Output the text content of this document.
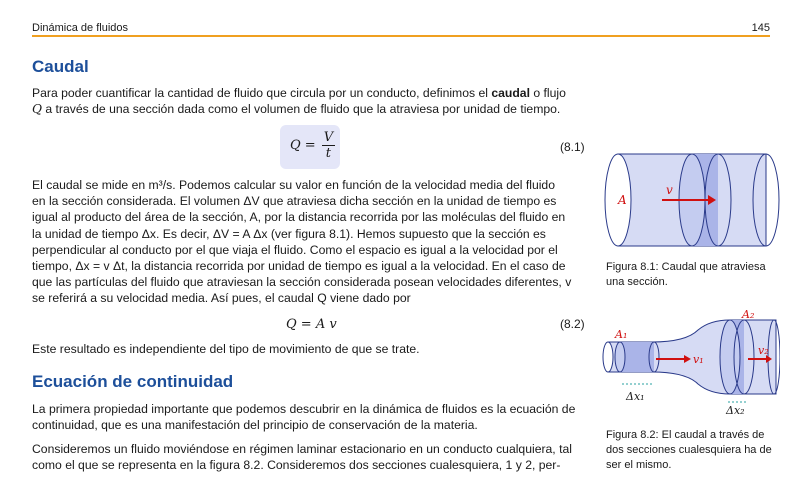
Dinámica de fluidos	145
Caudal

Para poder cuantificar la cantidad de fluido que circula por un conducto, definimos el caudal o flujo
Q a través de una sección dada como el volumen de fluido que la atraviesa por unidad de tiempo.

$Q = \frac{V}{t}$	(8.1)

El caudal se mide en m³/s. Podemos calcular su valor en función de la velocidad media del fluido
en la sección considerada. El volumen ΔV que atraviesa dicha sección en la unidad de tiempo es
igual al producto del área de la sección, A, por la distancia recorrida por las moléculas del fluido en
la unidad de tiempo Δx. Es decir, ΔV = A Δx (ver figura 8.1). Hemos supuesto que la sección es
perpendicular al conducto por el que viaja el fluido. Como el espacio es igual a la velocidad por el
tiempo, Δx = v Δt, la distancia recorrida por unidad de tiempo es igual a la velocidad. En el caso de
que las partículas del fluido que atraviesan la sección considerada posean velocidades diferentes, v
se referirá a su velocidad media. Así pues, el caudal Q viene dado por

Q = A v	(8.2)

Este resultado es independiente del tipo de movimiento de que se trate.

Ecuación de continuidad

La primera propiedad importante que podemos descubrir en la dinámica de fluidos es la ecuación de
continuidad, que es una manifestación del principio de conservación de la materia.

Consideremos un fluido moviéndose en régimen laminar estacionario en un conducto cualquiera, tal
como el que se representa en la figura 8.2. Consideremos dos secciones cualesquiera, 1 y 2, per-

v
A
Figura 8.1: Caudal que atraviesa
una sección.
v₁
v₂
A₁
A₂
Δx₁
Δx₂
Figura 8.2: El caudal a través de
dos secciones cualesquiera ha de
ser el mismo.
